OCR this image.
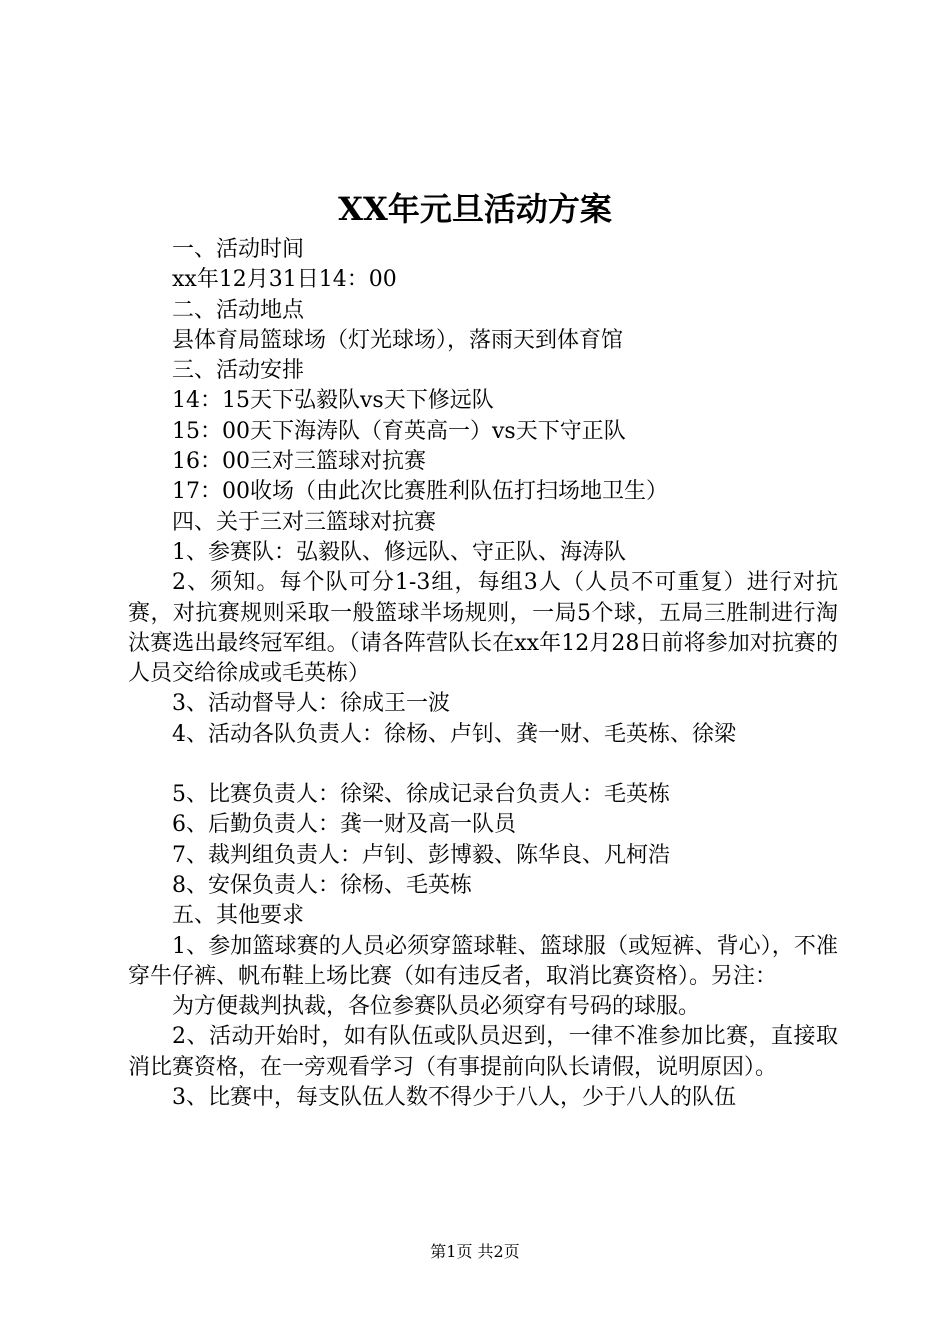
XX年元旦活动方案

一、活动时间

xx年12月31日14：00

二、活动地点

县体育局篮球场（灯光球场），落雨天到体育馆

三、活动安排

14：15天下弘毅队vs天下修远队

15：00天下海涛队（育英高一）vs天下守正队

16：00三对三篮球对抗赛

17：00收场（由此次比赛胜利队伍打扫场地卫生）

四、关于三对三篮球对抗赛

1、参赛队：弘毅队、修远队、守正队、海涛队

2、须知。每个队可分1-3组，每组3人（人员不可重复）进行对抗赛，对抗赛规则采取一般篮球半场规则，一局5个球，五局三胜制进行淘汰赛选出最终冠军组。（请各阵营队长在xx年12月28日前将参加对抗赛的人员交给徐成或毛英栋）

3、活动督导人：徐成王一波

4、活动各队负责人：徐杨、卢钊、龚一财、毛英栋、徐梁

5、比赛负责人：徐梁、徐成记录台负责人：毛英栋

6、后勤负责人：龚一财及高一队员

7、裁判组负责人：卢钊、彭博毅、陈华良、凡柯浩

8、安保负责人：徐杨、毛英栋

五、其他要求

1、参加篮球赛的人员必须穿篮球鞋、篮球服（或短裤、背心），不准穿牛仔裤、帆布鞋上场比赛（如有违反者，取消比赛资格）。另注：

为方便裁判执裁，各位参赛队员必须穿有号码的球服。

2、活动开始时，如有队伍或队员迟到，一律不准参加比赛，直接取消比赛资格，在一旁观看学习（有事提前向队长请假，说明原因）。

3、比赛中，每支队伍人数不得少于八人，少于八人的队伍

第1页 共2页
